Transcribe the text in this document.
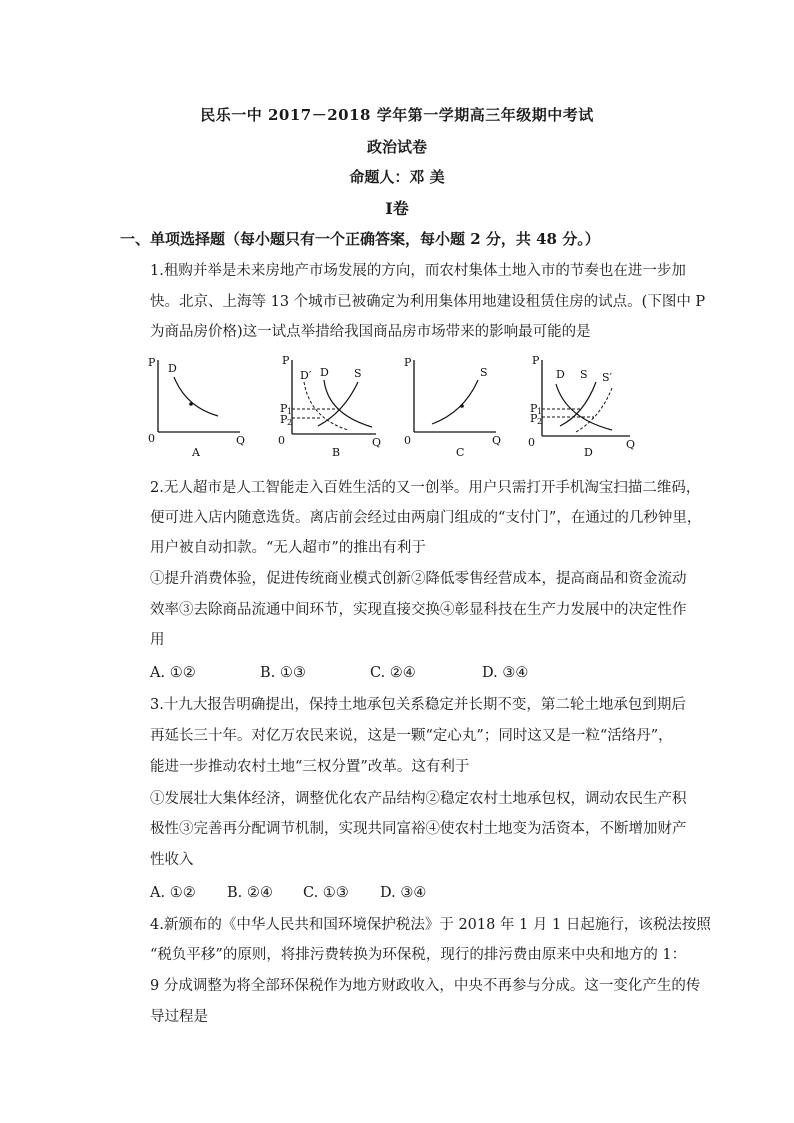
民乐一中 2017－2018 学年第一学期高三年级期中考试
政治试卷
命题人：邓 美
Ⅰ卷
一、单项选择题（每小题只有一个正确答案，每小题 2 分，共 48 分。）
1.租购并举是未来房地产市场发展的方向，而农村集体土地入市的节奏也在进一步加
快。北京、上海等 13 个城市已被确定为利用集体用地建设租赁住房的试点。(下图中 P
为商品房价格)这一试点举措给我国商品房市场带来的影响最可能的是
P
0	Q
D
A
P
0	Q
D′ D S
P 1
P 2
B
P
0	Q
S
C
P
0	Q
D S S′
P 1
P 2
D
2.无人超市是人工智能走入百姓生活的又一创举。用户只需打开手机淘宝扫描二维码，
便可进入店内随意选货。离店前会经过由两扇门组成的“支付门”，在通过的几秒钟里，
用户被自动扣款。“无人超市”的推出有利于
①提升消费体验，促进传统商业模式创新②降低零售经营成本，提高商品和资金流动
效率③去除商品流通中间环节，实现直接交换④彰显科技在生产力发展中的决定性作
用
A. ①②	B. ①③	C. ②④	D. ③④
3.十九大报告明确提出，保持土地承包关系稳定并长期不变，第二轮土地承包到期后
再延长三十年。对亿万农民来说，这是一颗“定心丸”；同时这又是一粒“活络丹”，
能进一步推动农村土地“三权分置”改革。这有利于
①发展壮大集体经济，调整优化农产品结构②稳定农村土地承包权，调动农民生产积
极性③完善再分配调节机制，实现共同富裕④使农村土地变为活资本，不断增加财产
性收入
A. ①② B. ②④ C. ①③ D. ③④
4.新颁布的《中华人民共和国环境保护税法》于 2018 年 1 月 1 日起施行，该税法按照
“税负平移”的原则，将排污费转换为环保税，现行的排污费由原来中央和地方的 1：
9 分成调整为将全部环保税作为地方财政收入，中央不再参与分成。这一变化产生的传
导过程是
